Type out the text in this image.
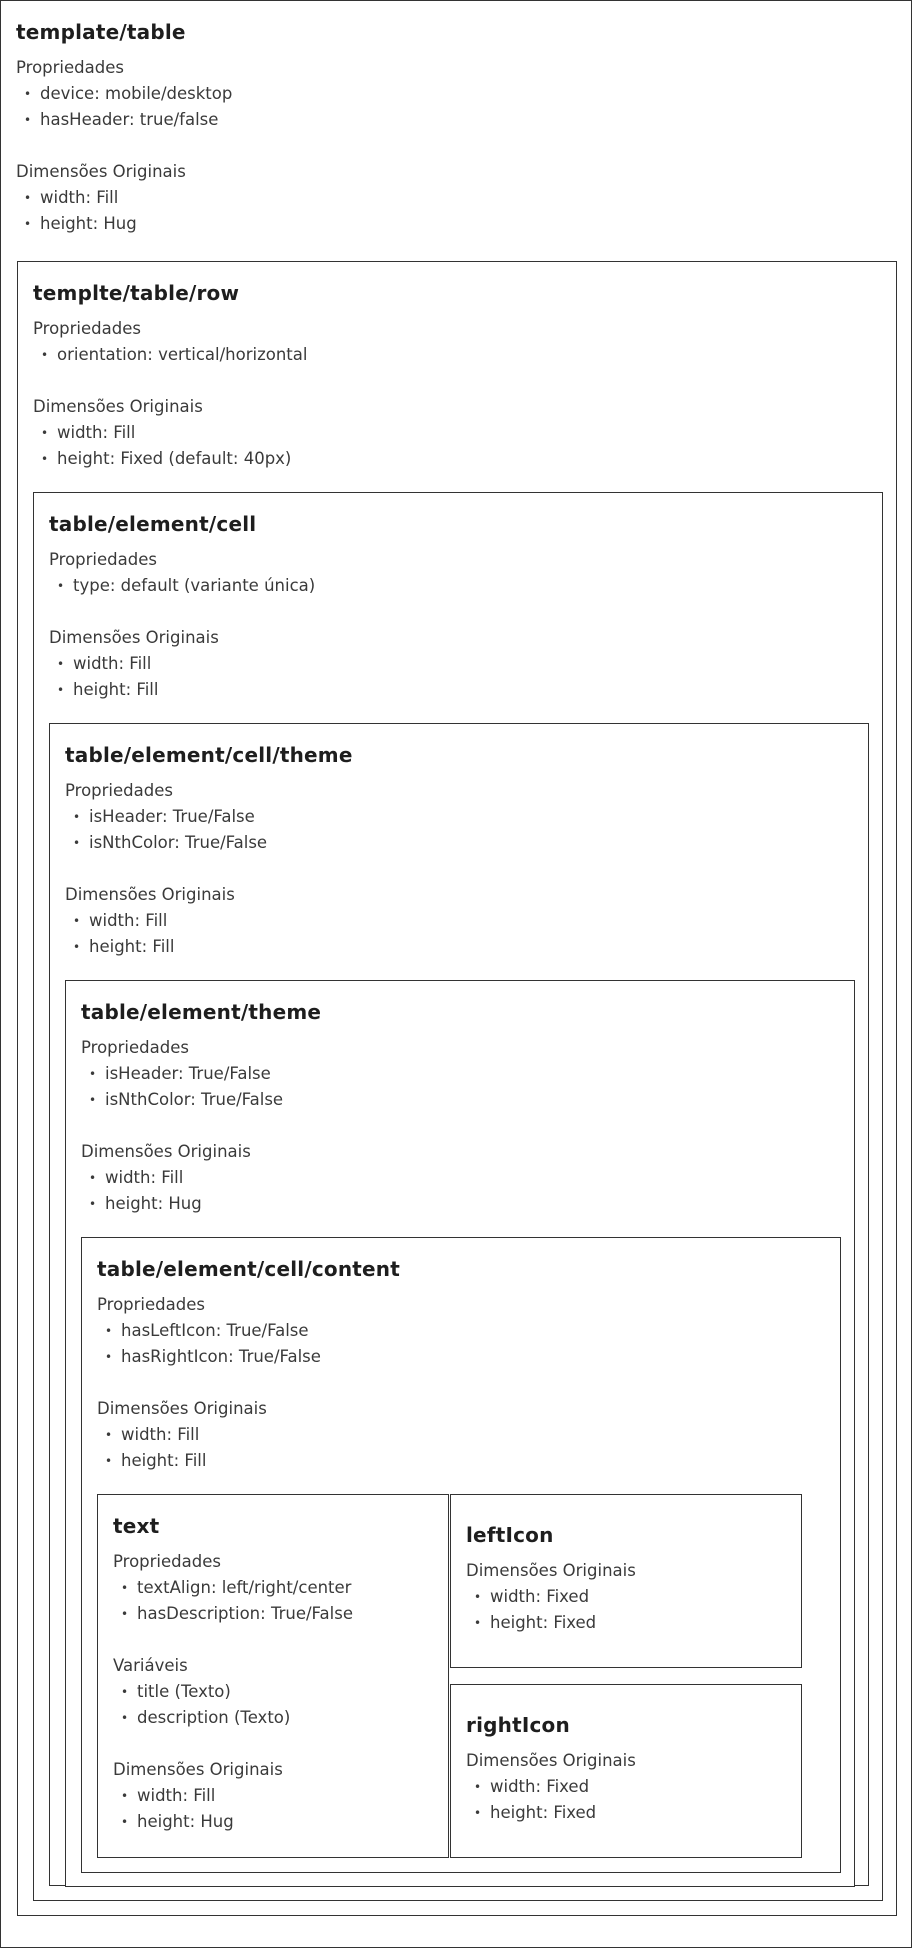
template/table
Propriedades
• device: mobile/desktop
• hasHeader: true/false
Dimensões Originais
• width: Fill
• height: Hug
templte/table/row
Propriedades
• orientation: vertical/horizontal
Dimensões Originais
• width: Fill
• height: Fixed (default: 40px)
table/element/cell
Propriedades
• type: default (variante única)
Dimensões Originais
• width: Fill
• height: Fill
table/element/cell/theme
Propriedades
• isHeader: True/False
• isNthColor: True/False
Dimensões Originais
• width: Fill
• height: Fill
table/element/theme
Propriedades
• isHeader: True/False
• isNthColor: True/False
Dimensões Originais
• width: Fill
• height: Hug
table/element/cell/content
Propriedades
• hasLeftIcon: True/False
• hasRightIcon: True/False
Dimensões Originais
• width: Fill
• height: Fill
text
Propriedades
• textAlign: left/right/center
• hasDescription: True/False
Variáveis
• title (Texto)
• description (Texto)
Dimensões Originais
• width: Fill
• height: Hug
leftIcon
Dimensões Originais
• width: Fixed
• height: Fixed
rightIcon
Dimensões Originais
• width: Fixed
• height: Fixed
